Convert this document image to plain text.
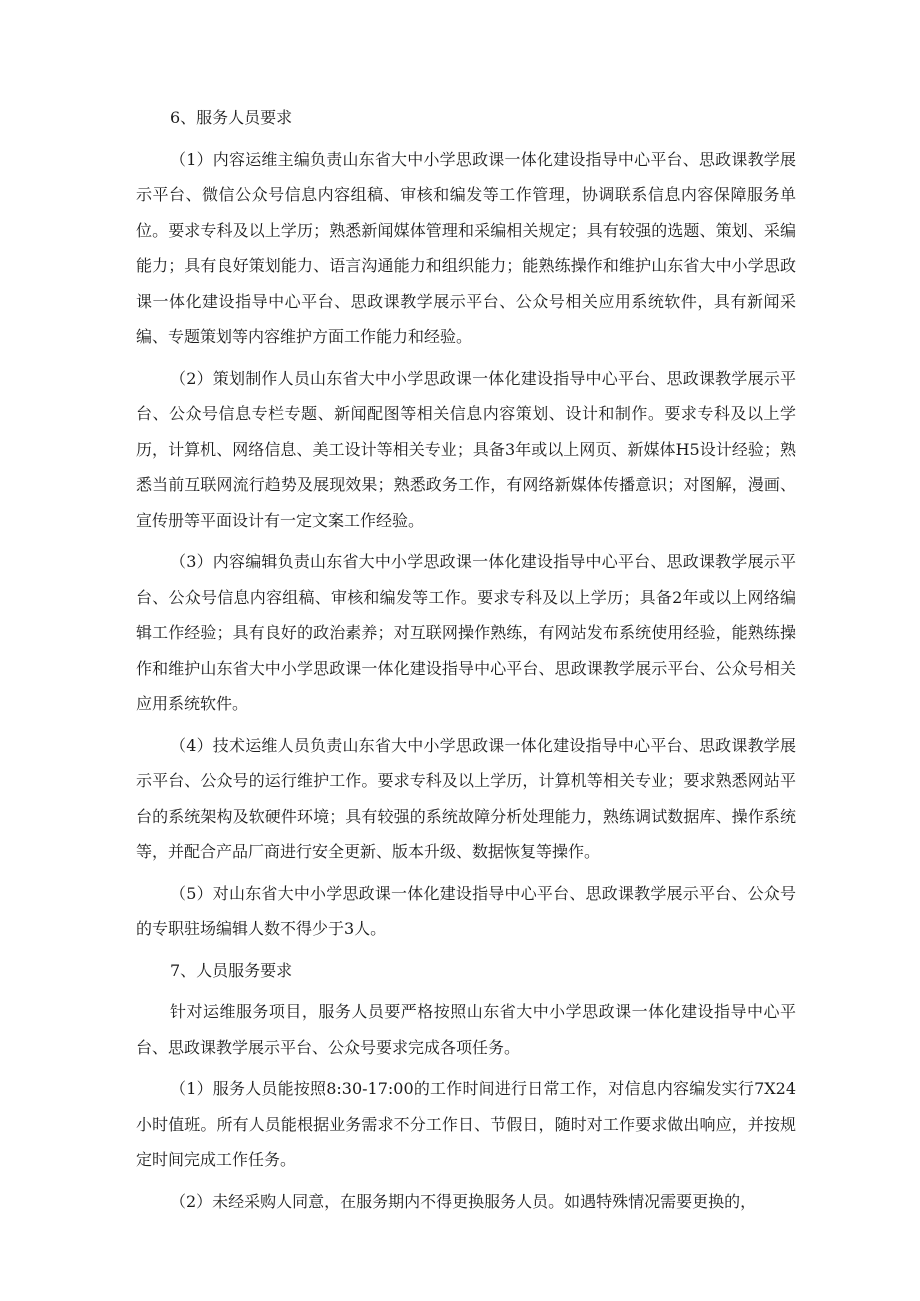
6、服务人员要求

（1）内容运维主编负责山东省大中小学思政课一体化建设指导中心平台、思政课教学展示平台、微信公众号信息内容组稿、审核和编发等工作管理，协调联系信息内容保障服务单位。要求专科及以上学历；熟悉新闻媒体管理和采编相关规定；具有较强的选题、策划、采编能力；具有良好策划能力、语言沟通能力和组织能力；能熟练操作和维护山东省大中小学思政课一体化建设指导中心平台、思政课教学展示平台、公众号相关应用系统软件，具有新闻采编、专题策划等内容维护方面工作能力和经验。

（2）策划制作人员山东省大中小学思政课一体化建设指导中心平台、思政课教学展示平台、公众号信息专栏专题、新闻配图等相关信息内容策划、设计和制作。要求专科及以上学历，计算机、网络信息、美工设计等相关专业；具备3年或以上网页、新媒体H5设计经验；熟悉当前互联网流行趋势及展现效果；熟悉政务工作，有网络新媒体传播意识；对图解，漫画、宣传册等平面设计有一定文案工作经验。

（3）内容编辑负责山东省大中小学思政课一体化建设指导中心平台、思政课教学展示平台、公众号信息内容组稿、审核和编发等工作。要求专科及以上学历；具备2年或以上网络编辑工作经验；具有良好的政治素养；对互联网操作熟练，有网站发布系统使用经验，能熟练操作和维护山东省大中小学思政课一体化建设指导中心平台、思政课教学展示平台、公众号相关应用系统软件。

（4）技术运维人员负责山东省大中小学思政课一体化建设指导中心平台、思政课教学展示平台、公众号的运行维护工作。要求专科及以上学历，计算机等相关专业；要求熟悉网站平台的系统架构及软硬件环境；具有较强的系统故障分析处理能力，熟练调试数据库、操作系统等，并配合产品厂商进行安全更新、版本升级、数据恢复等操作。

（5）对山东省大中小学思政课一体化建设指导中心平台、思政课教学展示平台、公众号的专职驻场编辑人数不得少于3人。

7、人员服务要求

针对运维服务项目，服务人员要严格按照山东省大中小学思政课一体化建设指导中心平台、思政课教学展示平台、公众号要求完成各项任务。

（1）服务人员能按照8:30-17:00的工作时间进行日常工作，对信息内容编发实行7X24小时值班。所有人员能根据业务需求不分工作日、节假日，随时对工作要求做出响应，并按规定时间完成工作任务。

（2）未经采购人同意，在服务期内不得更换服务人员。如遇特殊情况需要更换的，
